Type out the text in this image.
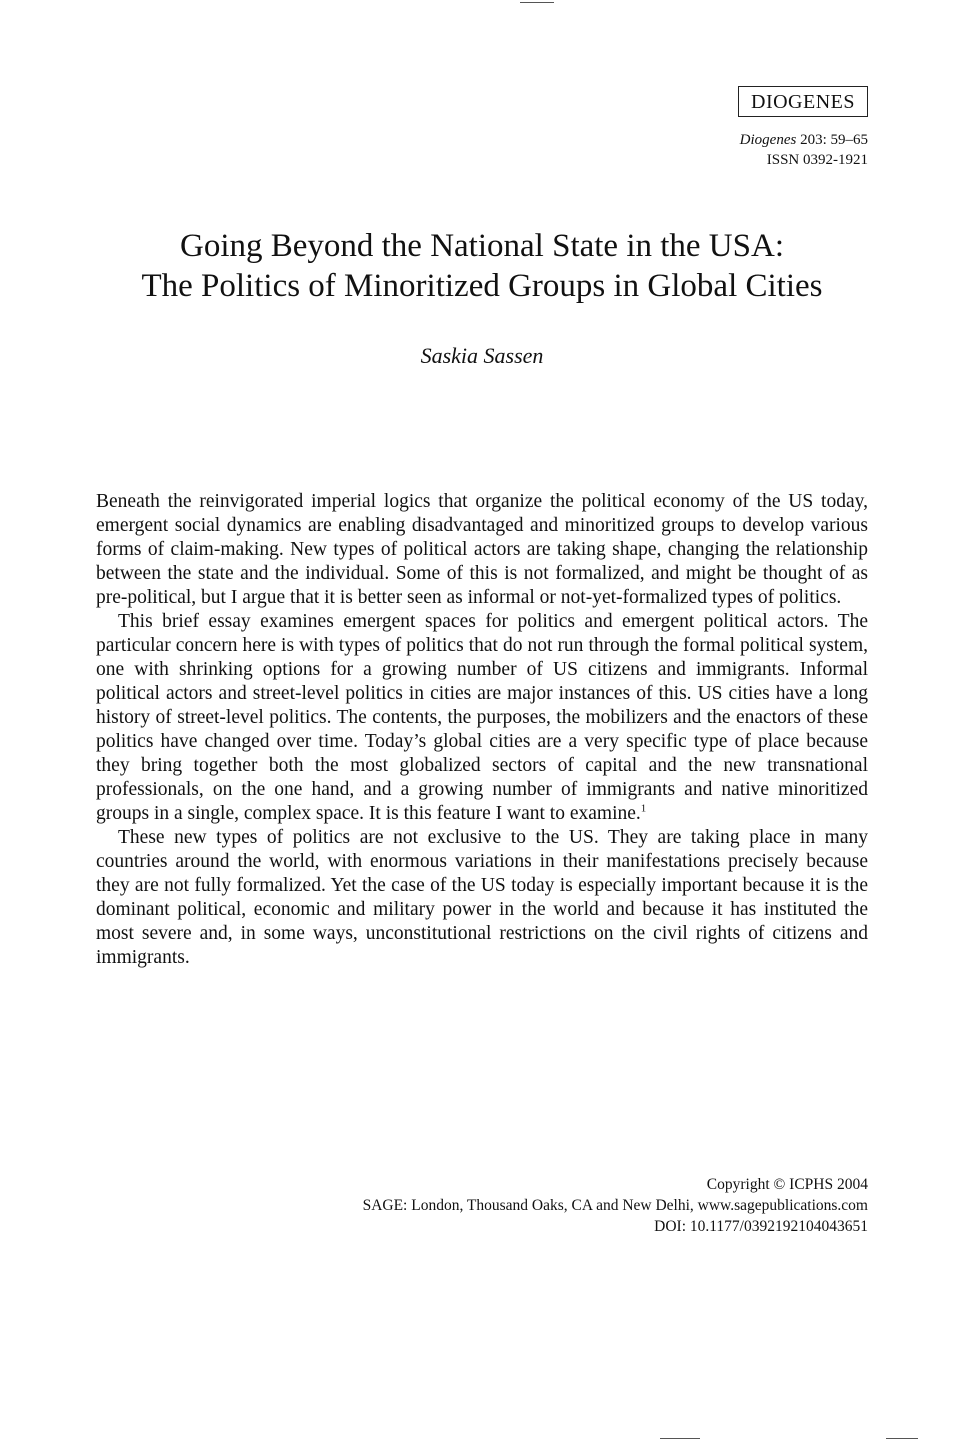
DIOGENES
Diogenes 203: 59–65
ISSN 0392-1921
Going Beyond the National State in the USA:
The Politics of Minoritized Groups in Global Cities
Saskia Sassen

Beneath the reinvigorated imperial logics that organize the political economy of the US today, emergent social dynamics are enabling disadvantaged and minoritized groups to develop various forms of claim-making. New types of political actors are taking shape, changing the relationship between the state and the individual. Some of this is not formalized, and might be thought of as pre-political, but I argue that it is better seen as informal or not-yet-formalized types of politics.

This brief essay examines emergent spaces for politics and emergent political actors. The particular concern here is with types of politics that do not run through the formal political system, one with shrinking options for a growing number of US citizens and immigrants. Informal political actors and street-level politics in cities are major instances of this. US cities have a long history of street-level politics. The contents, the purposes, the mobilizers and the enactors of these politics have changed over time. Today’s global cities are a very specific type of place because they bring together both the most globalized sectors of capital and the new transnational professionals, on the one hand, and a growing number of immigrants and native minoritized groups in a single, complex space. It is this feature I want to examine.$^1$

These new types of politics are not exclusive to the US. They are taking place in many countries around the world, with enormous variations in their manifestations precisely because they are not fully formalized. Yet the case of the US today is especially important because it is the dominant political, economic and military power in the world and because it has instituted the most severe and, in some ways, unconstitutional restrictions on the civil rights of citizens and immigrants.

Copyright © ICPHS 2004
SAGE: London, Thousand Oaks, CA and New Delhi, www.sagepublications.com
DOI: 10.1177/0392192104043651
